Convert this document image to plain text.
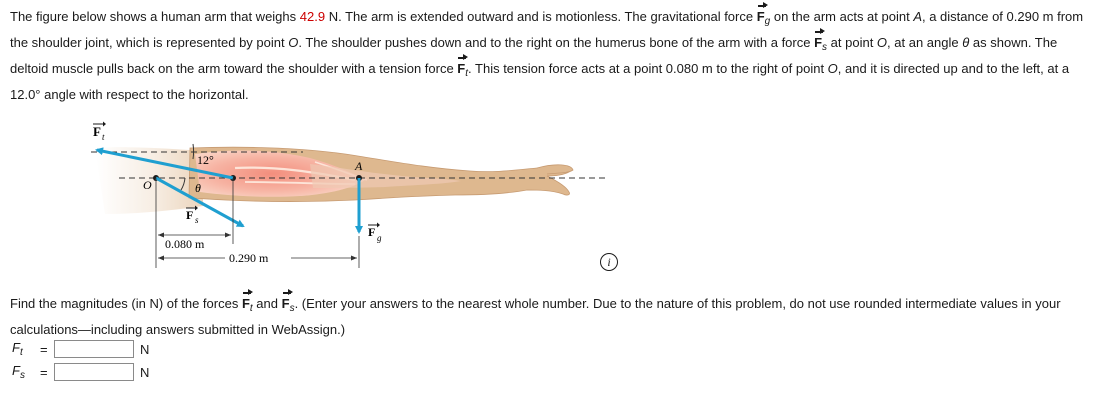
The figure below shows a human arm that weighs 42.9 N. The arm is extended outward and is motionless. The gravitational force $F_g$ on the arm acts at point A, a distance of 0.290 m from the shoulder joint, which is represented by point O. The shoulder pushes down and to the right on the humerus bone of the arm with a force $F_s$ at point O, at an angle θ as shown. The deltoid muscle pulls back on the arm toward the shoulder with a tension force $F_t$. This tension force acts at a point 0.080 m to the right of point O, and it is directed up and to the left, at a 12.0° angle with respect to the horizontal.
F t
12°
O	θ
F s
A
F g
0.080 m
0.290 m	i
Find the magnitudes (in N) of the forces $F_t$ and $F_s$. (Enter your answers to the nearest whole number. Due to the nature of this problem, do not use rounded intermediate values in your calculations—including answers submitted in WebAssign.)
$F_t$	=	N
$F_s$	=	N
